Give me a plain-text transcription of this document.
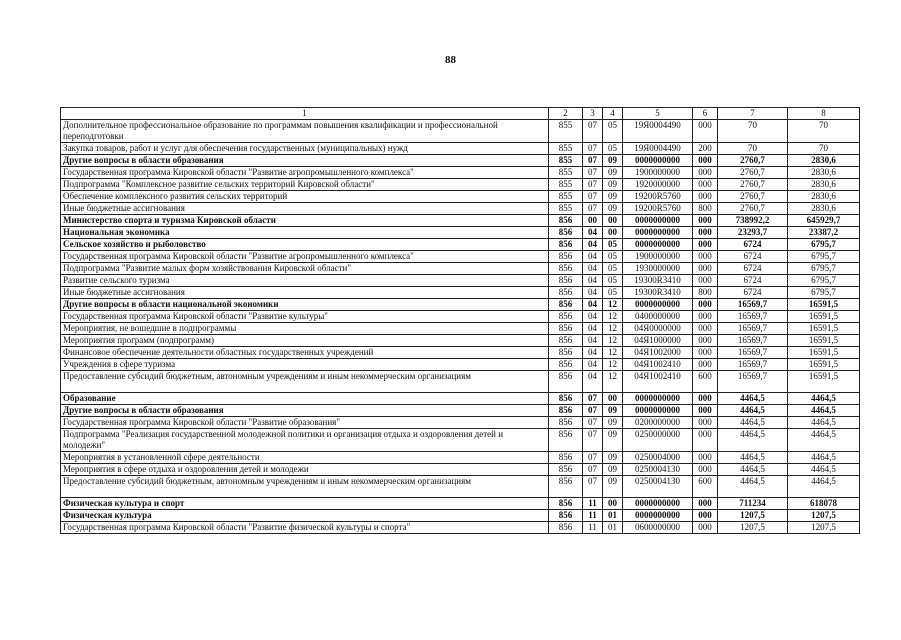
88
1	2	3	4	5	6	7	8
Дополнительное профессиональное образование по программам повышения квалификации и профессиональной переподготовки	855	07	05	19Я0004490	000	70	70
Закупка товаров, работ и услуг для обеспечения государственных (муниципальных) нужд	855	07	05	19Я0004490	200	70	70
Другие вопросы в области образования	855	07	09	0000000000	000	2760,7	2830,6
Государственная программа Кировской области "Развитие агропромышленного комплекса"	855	07	09	1900000000	000	2760,7	2830,6
Подпрограмма "Комплексное развитие сельских территорий Кировской области"	855	07	09	1920000000	000	2760,7	2830,6
Обеспечение комплексного развития сельских территорий	855	07	09	19200R5760	000	2760,7	2830,6
Иные бюджетные ассигнования	855	07	09	19200R5760	800	2760,7	2830,6
Министерство спорта и туризма Кировской области	856	00	00	0000000000	000	738992,2	645929,7
Национальная экономика	856	04	00	0000000000	000	23293,7	23387,2
Сельское хозяйство и рыболовство	856	04	05	0000000000	000	6724	6795,7
Государственная программа Кировской области "Развитие агропромышленного комплекса"	856	04	05	1900000000	000	6724	6795,7
Подпрограмма "Развитие малых форм хозяйствования Кировской области"	856	04	05	1930000000	000	6724	6795,7
Развитие сельского туризма	856	04	05	19300R3410	000	6724	6795,7
Иные бюджетные ассигнования	856	04	05	19300R3410	800	6724	6795,7
Другие вопросы в области национальной экономики	856	04	12	0000000000	000	16569,7	16591,5
Государственная программа Кировской области "Развитие культуры"	856	04	12	0400000000	000	16569,7	16591,5
Мероприятия, не вошедшие в подпрограммы	856	04	12	04Я0000000	000	16569,7	16591,5
Мероприятия программ (подпрограмм)	856	04	12	04Я1000000	000	16569,7	16591,5
Финансовое обеспечение деятельности областных государственных учреждений	856	04	12	04Я1002000	000	16569,7	16591,5
Учреждения в сфере туризма	856	04	12	04Я1002410	000	16569,7	16591,5
Предоставление субсидий бюджетным, автономным учреждениям и иным некоммерческим организациям	856	04	12	04Я1002410	600	16569,7	16591,5
Образование	856	07	00	0000000000	000	4464,5	4464,5
Другие вопросы в области образования	856	07	09	0000000000	000	4464,5	4464,5
Государственная программа Кировской области "Развитие образования"	856	07	09	0200000000	000	4464,5	4464,5
Подпрограмма "Реализация государственной молодежной политики и организация отдыха и оздоровления детей и молодежи"	856	07	09	0250000000	000	4464,5	4464,5
Мероприятия в установленной сфере деятельности	856	07	09	0250004000	000	4464,5	4464,5
Мероприятия в сфере отдыха и оздоровления детей и молодежи	856	07	09	0250004130	000	4464,5	4464,5
Предоставление субсидий бюджетным, автономным учреждениям и иным некоммерческим организациям	856	07	09	0250004130	600	4464,5	4464,5
Физическая культура и спорт	856	11	00	0000000000	000	711234	618078
Физическая культура	856	11	01	0000000000	000	1207,5	1207,5
Государственная программа Кировской области "Развитие физической культуры и спорта"	856	11	01	0600000000	000	1207,5	1207,5
